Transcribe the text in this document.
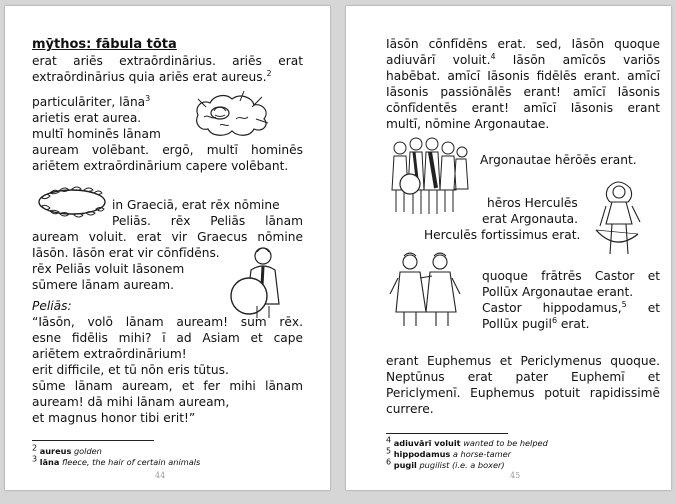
mȳthos: fābula tōta
erat ariēs extraōrdinārius. ariēs erat
extraōrdinārius quia ariēs erat aureus.$^2$
particulāriter, lāna$^3$
arietis erat aurea.
multī hominēs lānam
auream volēbant. ergō, multī hominēs
ariētem extraōrdinārium capere volēbant.
in Graeciā, erat rēx nōmine
Peliās. rēx Peliās lānam
auream voluit. erat vir Graecus nōmine
Iāsōn. Iāsōn erat vir cōnfīdēns.
rēx Peliās voluit Iāsonem
sūmere lānam auream.
Peliās:
“Iāsōn, volō lānam auream! sum rēx.
esne fidēlis mihi? ī ad Asiam et cape
ariētem extraōrdinārium!
erit difficile, et tū nōn eris tūtus.
sūme lānam auream, et fer mihi lānam
auream! dā mihi lānam auream,
et magnus honor tibi erit!”
$^2$ aureus golden
$^3$ lāna fleece, the hair of certain animals
44
Iāsōn cōnfīdēns erat. sed, Iāsōn quoque
adiuvārī voluit.$^4$ Iāsōn amīcōs variōs
habēbat. amīcī Iāsonis fidēlēs erant. amīcī
Iāsonis passiōnālēs erant! amīcī Iāsonis
cōnfīdentēs erant! amīcī Iāsonis erant
multī, nōmine Argonautae.
Argonautae hērōēs erant.
hēros Herculēs
erat Argonauta.
Herculēs fortissimus erat.
quoque frātrēs Castor et
Pollūx Argonautae erant.
Castor hippodamus,$^5$ et
Pollūx pugil$^6$ erat.
erant Euphemus et Periclymenus quoque.
Neptūnus erat pater Euphemī et
Periclymenī. Euphemus potuit rapidissimē
currere.
$^4$ adiuvārī voluit wanted to be helped
$^5$ hippodamus a horse-tamer
$^6$ pugil pugilist (i.e. a boxer)
45
